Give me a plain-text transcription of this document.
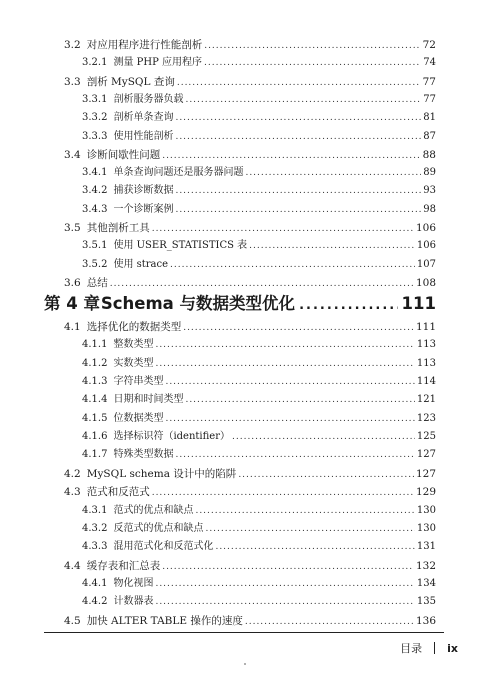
3.2 对应用程序进行性能剖析 .....	72
3.2.1 测量 PHP 应用程序 .....	74
3.3 剖析 MySQL 查询 .....	77
3.3.1 剖析服务器负载 .....	77
3.3.2 剖析单条查询 .....	81
3.3.3 使用性能剖析 .....	87
3.4 诊断间歇性问题 .....	88
3.4.1 单条查询问题还是服务器问题 .....	89
3.4.2 捕获诊断数据 .....	93
3.4.3 一个诊断案例 .....	98
3.5 其他剖析工具 .....	106
3.5.1 使用 USER_STATISTICS 表 .....	106
3.5.2 使用 strace .....	107
3.6 总结 .....	108
第 4 章 Schema 与数据类型优化 .....	111
4.1 选择优化的数据类型 .....	111
4.1.1 整数类型 .....	113
4.1.2 实数类型 .....	113
4.1.3 字符串类型 .....	114
4.1.4 日期和时间类型 .....	121
4.1.5 位数据类型 .....	123
4.1.6 选择标识符（identifier） .....	125
4.1.7 特殊类型数据 .....	127
4.2 MySQL schema 设计中的陷阱 .....	127
4.3 范式和反范式 .....	129
4.3.1 范式的优点和缺点 .....	130
4.3.2 反范式的优点和缺点 .....	130
4.3.3 混用范式化和反范式化 .....	131
4.4 缓存表和汇总表 .....	132
4.4.1 物化视图 .....	134
4.4.2 计数器表 .....	135
4.5 加快 ALTER TABLE 操作的速度 .....	136
目录 ix
